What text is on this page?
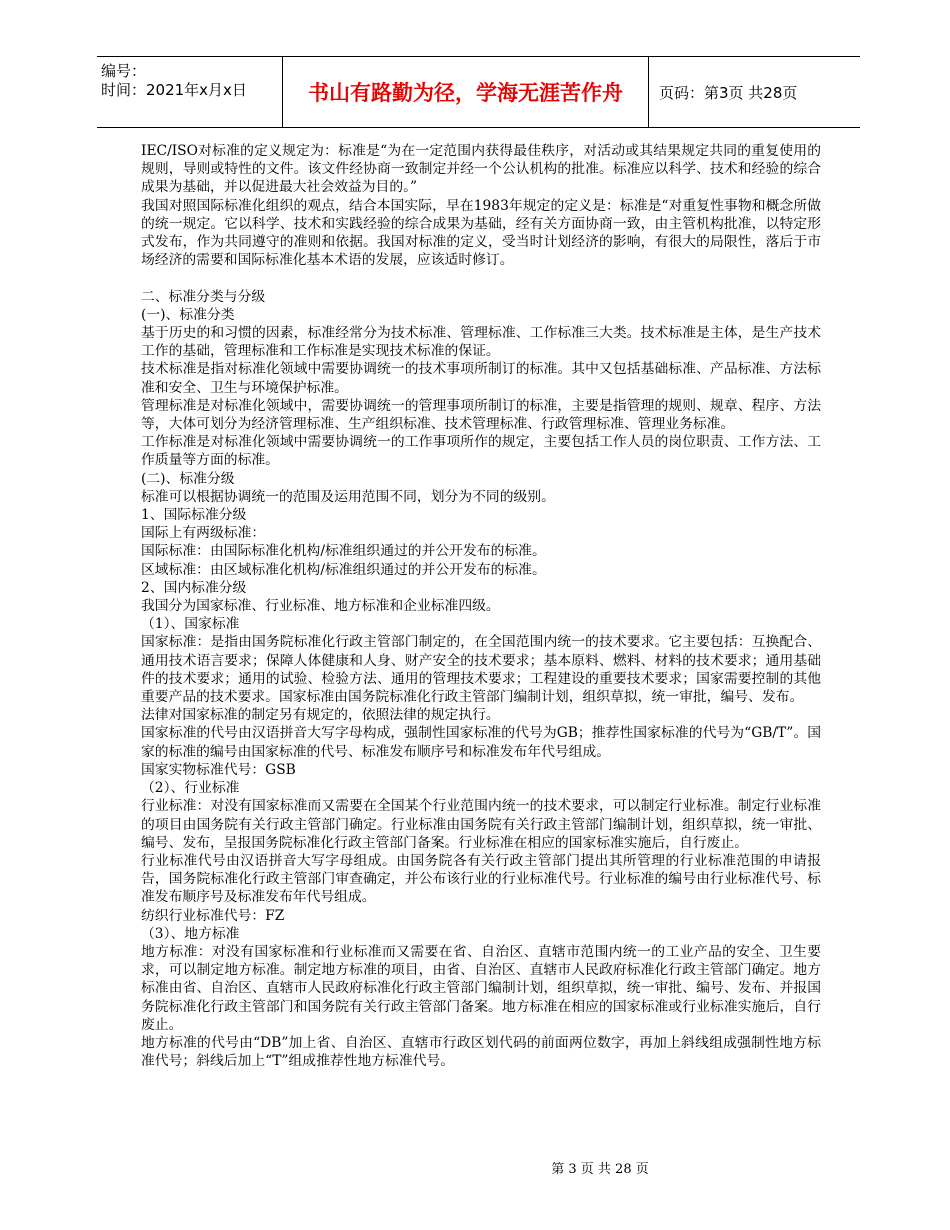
编号：
时间：2021年x月x日	书山有路勤为径，学海无涯苦作舟 页码：第3页 共28页

IEC/ISO对标准的定义规定为：标准是“为在一定范围内获得最佳秩序，对活动或其结果规定共同的重复使用的规则，导则或特性的文件。该文件经协商一致制定并经一个公认机构的批准。标准应以科学、技术和经验的综合成果为基础，并以促进最大社会效益为目的。”

我国对照国际标准化组织的观点，结合本国实际，早在1983年规定的定义是：标准是“对重复性事物和概念所做的统一规定。它以科学、技术和实践经验的综合成果为基础，经有关方面协商一致，由主管机构批准，以特定形式发布，作为共同遵守的准则和依据。我国对标准的定义，受当时计划经济的影响，有很大的局限性，落后于市场经济的需要和国际标准化基本术语的发展，应该适时修订。

二、标准分类与分级

(一)、标准分类

基于历史的和习惯的因素，标准经常分为技术标准、管理标准、工作标准三大类。技术标准是主体，是生产技术工作的基础，管理标准和工作标准是实现技术标准的保证。

技术标准是指对标准化领域中需要协调统一的技术事项所制订的标准。其中又包括基础标准、产品标准、方法标准和安全、卫生与环境保护标准。

管理标准是对标准化领域中，需要协调统一的管理事项所制订的标准，主要是指管理的规则、规章、程序、方法等，大体可划分为经济管理标准、生产组织标准、技术管理标准、行政管理标准、管理业务标准。

工作标准是对标准化领域中需要协调统一的工作事项所作的规定，主要包括工作人员的岗位职责、工作方法、工作质量等方面的标准。

(二)、标准分级

标准可以根据协调统一的范围及运用范围不同，划分为不同的级别。

1、国际标准分级

国际上有两级标准：

国际标准：由国际标准化机构/标准组织通过的并公开发布的标准。

区域标准：由区域标准化机构/标准组织通过的并公开发布的标准。

2、国内标准分级

我国分为国家标准、行业标准、地方标准和企业标准四级。

（1）、国家标准

国家标准：是指由国务院标准化行政主管部门制定的，在全国范围内统一的技术要求。它主要包括：互换配合、通用技术语言要求；保障人体健康和人身、财产安全的技术要求；基本原料、燃料、材料的技术要求；通用基础件的技术要求；通用的试验、检验方法、通用的管理技术要求；工程建设的重要技术要求；国家需要控制的其他重要产品的技术要求。国家标准由国务院标准化行政主管部门编制计划，组织草拟，统一审批，编号、发布。

法律对国家标准的制定另有规定的，依照法律的规定执行。

国家标准的代号由汉语拼音大写字母构成，强制性国家标准的代号为GB；推荐性国家标准的代号为“GB/T”。国家的标准的编号由国家标准的代号、标准发布顺序号和标准发布年代号组成。

国家实物标准代号：GSB

（2）、行业标准

行业标准：对没有国家标准而又需要在全国某个行业范围内统一的技术要求，可以制定行业标准。制定行业标准的项目由国务院有关行政主管部门确定。行业标准由国务院有关行政主管部门编制计划，组织草拟，统一审批、编号、发布，呈报国务院标准化行政主管部门备案。行业标准在相应的国家标准实施后，自行废止。

行业标准代号由汉语拼音大写字母组成。由国务院各有关行政主管部门提出其所管理的行业标准范围的申请报告，国务院标准化行政主管部门审查确定，并公布该行业的行业标准代号。行业标准的编号由行业标准代号、标准发布顺序号及标准发布年代号组成。

纺织行业标准代号：FZ

（3）、地方标准

地方标准：对没有国家标准和行业标准而又需要在省、自治区、直辖市范围内统一的工业产品的安全、卫生要求，可以制定地方标准。制定地方标准的项目，由省、自治区、直辖市人民政府标准化行政主管部门确定。地方标准由省、自治区、直辖市人民政府标准化行政主管部门编制计划，组织草拟，统一审批、编号、发布、并报国务院标准化行政主管部门和国务院有关行政主管部门备案。地方标准在相应的国家标准或行业标准实施后，自行废止。

地方标准的代号由“DB”加上省、自治区、直辖市行政区划代码的前面两位数字，再加上斜线组成强制性地方标准代号；斜线后加上“T”组成推荐性地方标准代号。

第 3 页 共 28 页
